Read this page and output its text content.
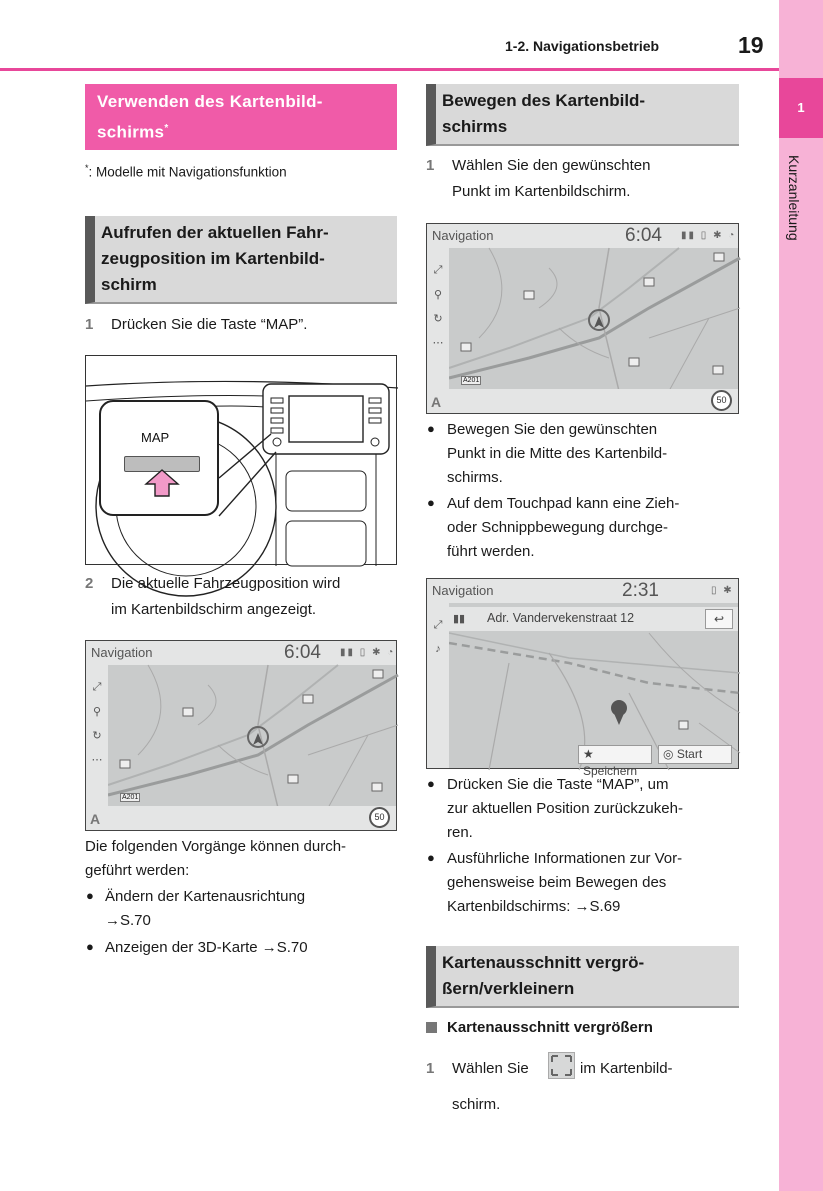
1-2. Navigationsbetrieb	19
1
Kurzanleitung
Verwenden des Kartenbild-
schirms*
*: Modelle mit Navigationsfunktion
Aufrufen der aktuellen Fahr-
zeugposition im Kartenbild-
schirm
1 Drücken Sie die Taste “MAP”.
MAP
2 Die aktuelle Fahrzeugposition wird
im Kartenbildschirm angezeigt.
Navigation	6:04 ▮▮ ▯ ✱ ◔
A201
⤢
⚲
↻
⋯
A	50
Die folgenden Vorgänge können durch-
geführt werden:
● Ändern der Kartenausrichtung
→S.70
● Anzeigen der 3D-Karte →S.70
Bewegen des Kartenbild-
schirms
1 Wählen Sie den gewünschten
Punkt im Kartenbildschirm.
Navigation	6:04 ▮▮ ▯ ✱ ◔
A201
⤢
⚲
↻
⋯
A	50
● Bewegen Sie den gewünschten
Punkt in die Mitte des Kartenbild-
schirms.
● Auf dem Touchpad kann eine Zieh-
oder Schnippbewegung durchge-
führt werden.
Navigation	2:31	▯ ✱
▮▮ Adr. Vandervekenstraat 12	↩
⤢
♪
★ Speichern
◎ Start
● Drücken Sie die Taste “MAP”, um
zur aktuellen Position zurückzukeh-
ren.
● Ausführliche Informationen zur Vor-
gehensweise beim Bewegen des
Kartenbildschirms: →S.69
Kartenausschnitt vergrö-
ßern/verkleinern
Kartenausschnitt vergrößern
1 Wählen Sie	im Kartenbild-
schirm.
